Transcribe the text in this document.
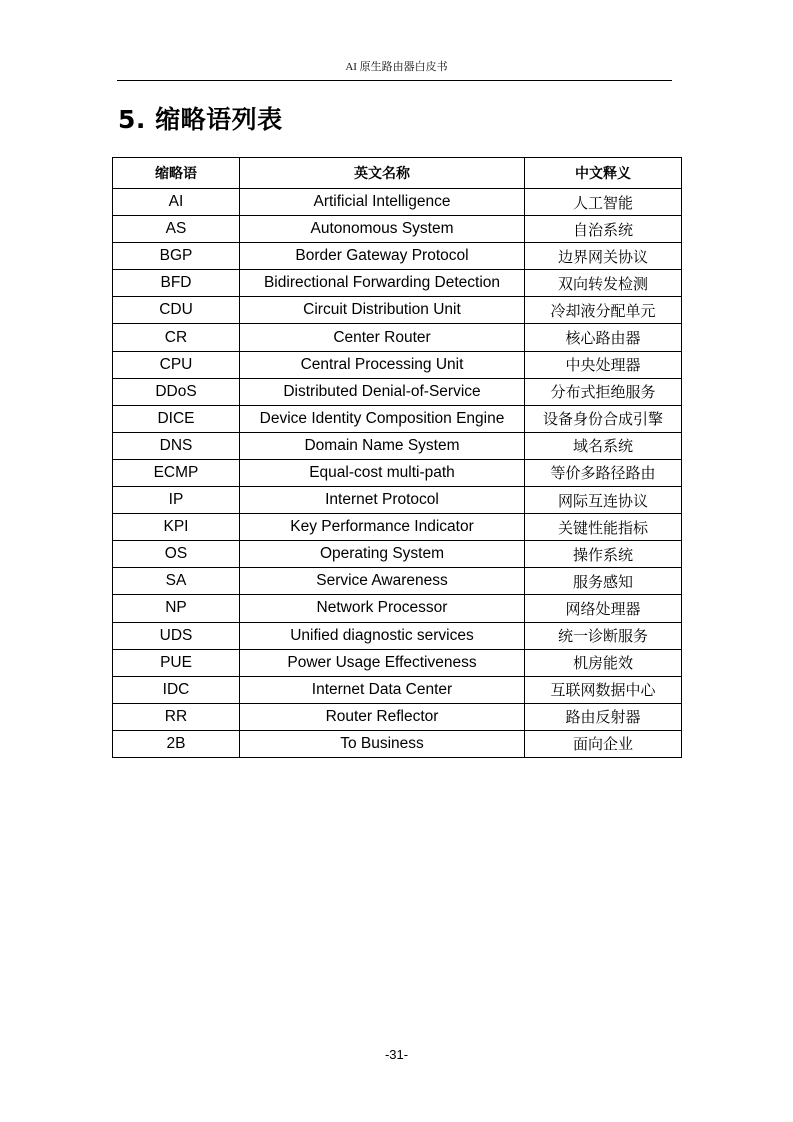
AI 原生路由器白皮书
5. 缩略语列表
缩略语	英文名称	中文释义
AI	Artificial Intelligence	人工智能
AS	Autonomous System	自治系统
BGP	Border Gateway Protocol	边界网关协议
BFD	Bidirectional Forwarding Detection	双向转发检测
CDU	Circuit Distribution Unit	冷却液分配单元
CR	Center Router	核心路由器
CPU	Central Processing Unit	中央处理器
DDoS	Distributed Denial-of-Service	分布式拒绝服务
DICE	Device Identity Composition Engine	设备身份合成引擎
DNS	Domain Name System	域名系统
ECMP	Equal-cost multi-path	等价多路径路由
IP	Internet Protocol	网际互连协议
KPI	Key Performance Indicator	关键性能指标
OS	Operating System	操作系统
SA	Service Awareness	服务感知
NP	Network Processor	网络处理器
UDS	Unified diagnostic services	统一诊断服务
PUE	Power Usage Effectiveness	机房能效
IDC	Internet Data Center	互联网数据中心
RR	Router Reflector	路由反射器
2B	To Business	面向企业
-31-
